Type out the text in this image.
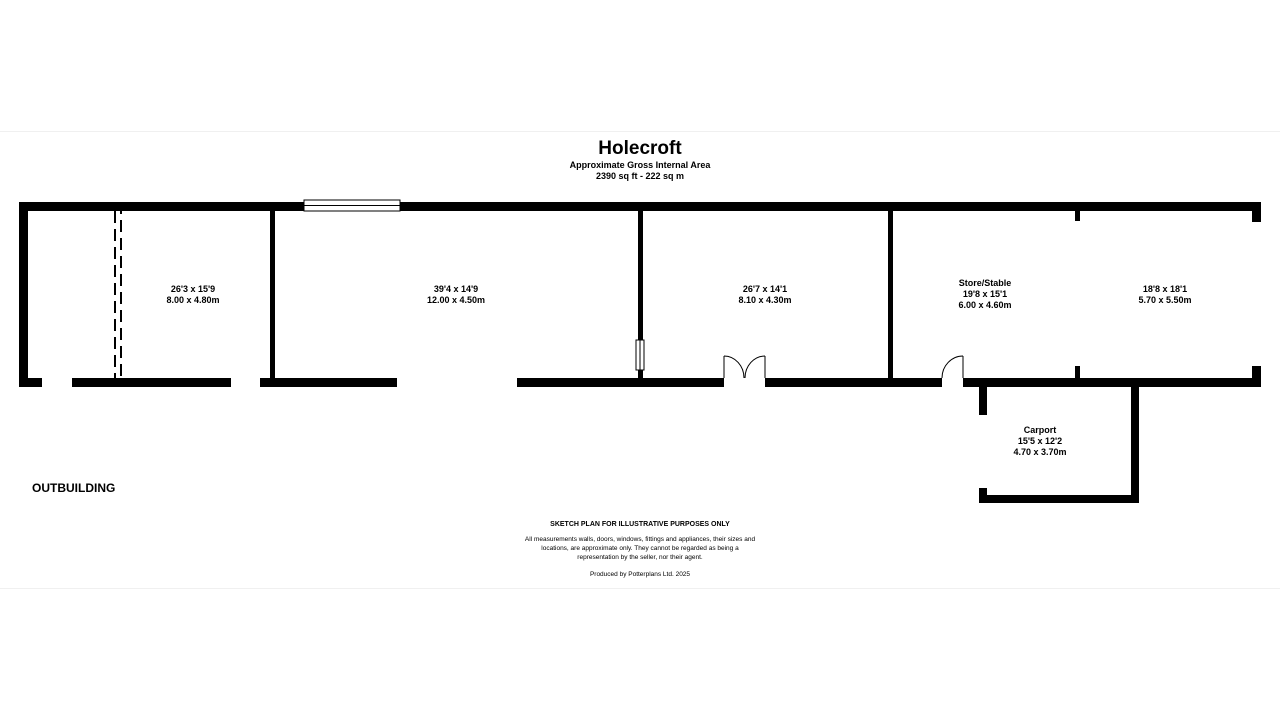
Holecroft
Approximate Gross Internal Area
2390 sq ft - 222 sq m
26'3 x 15'9
8.00 x 4.80m
39'4 x 14'9
12.00 x 4.50m
26'7 x 14'1
8.10 x 4.30m
Store/Stable
19'8 x 15'1
6.00 x 4.60m
18'8 x 18'1
5.70 x 5.50m
Carport
15'5 x 12'2
4.70 x 3.70m
OUTBUILDING
SKETCH PLAN FOR ILLUSTRATIVE PURPOSES ONLY
All measurements walls, doors, windows, fittings and appliances, their sizes and locations, are approximate only. They cannot be regarded as being a representation by the seller, nor their agent.
Produced by Potterplans Ltd. 2025
